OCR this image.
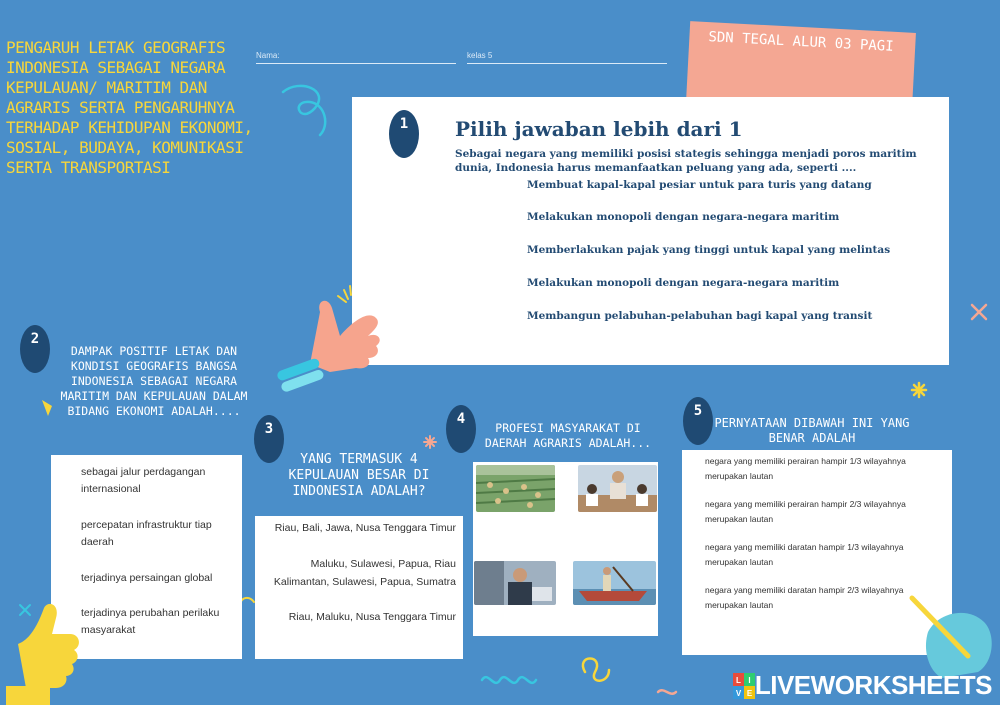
PENGARUH LETAK GEOGRAFIS INDONESIA SEBAGAI NEGARA KEPULAUAN/ MARITIM DAN AGRARIS SERTA PENGARUHNYA TERHADAP KEHIDUPAN EKONOMI, SOSIAL, BUDAYA, KOMUNIKASI SERTA TRANSPORTASI
Nama:	kelas 5
SDN TEGAL ALUR 03 PAGI
1	Pilih jawaban lebih dari 1
Sebagai negara yang memiliki posisi stategis sehingga menjadi poros maritim dunia, Indonesia harus memanfaatkan peluang yang ada, seperti ....
Membuat kapal-kapal pesiar untuk para turis yang datang
Melakukan monopoli dengan negara-negara maritim
Memberlakukan pajak yang tinggi untuk kapal yang melintas
Melakukan monopoli dengan negara-negara maritim
Membangun pelabuhan-pelabuhan bagi kapal yang transit
2
DAMPAK POSITIF LETAK DAN KONDISI GEOGRAFIS BANGSA INDONESIA SEBAGAI NEGARA MARITIM DAN KEPULAUAN DALAM BIDANG EKONOMI ADALAH....
sebagai jalur perdagangan internasional
percepatan infrastruktur tiap daerah
terjadinya persaingan global
terjadinya perubahan perilaku masyarakat
3
YANG TERMASUK 4 KEPULAUAN BESAR DI INDONESIA ADALAH?
Riau, Bali, Jawa, Nusa Tenggara Timur
Maluku, Sulawesi, Papua, Riau
Kalimantan, Sulawesi, Papua, Sumatra
Riau, Maluku, Nusa Tenggara Timur
4
PROFESI MASYARAKAT DI DAERAH AGRARIS ADALAH...
5
PERNYATAAN DIBAWAH INI YANG BENAR ADALAH
negara yang memiliki perairan hampir 1/3 wilayahnya merupakan lautan
negara yang memiliki perairan hampir 2/3 wilayahnya merupakan lautan
negara yang memiliki daratan hampir 1/3 wilayahnya merupakan lautan
negara yang memiliki daratan hampir 2/3 wilayahnya merupakan lautan
L I
V E LIVEWORKSHEETS
